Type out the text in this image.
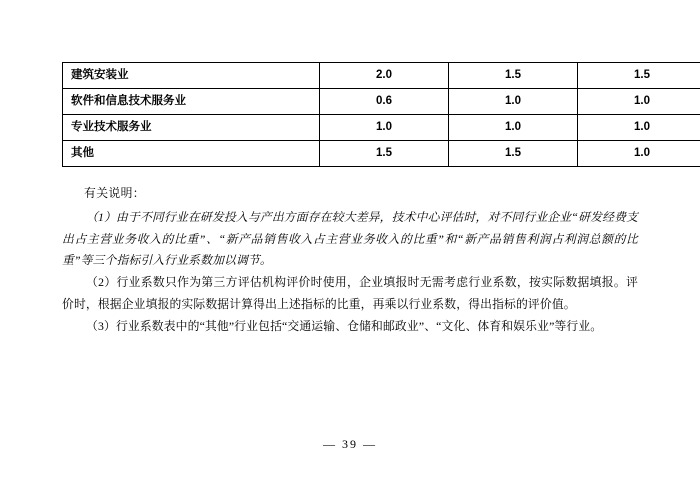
建筑安装业	2.0	1.5	1.5
软件和信息技术服务业	0.6	1.0	1.0
专业技术服务业	1.0	1.0	1.0
其他	1.5	1.5	1.0

有关说明：

（1）由于不同行业在研发投入与产出方面存在较大差异，技术中心评估时，对不同行业企业“研发经费支出占主营业务收入的比重”、“新产品销售收入占主营业务收入的比重”和“新产品销售利润占利润总额的比重”等三个指标引入行业系数加以调节。

（2）行业系数只作为第三方评估机构评价时使用，企业填报时无需考虑行业系数，按实际数据填报。评价时，根据企业填报的实际数据计算得出上述指标的比重，再乘以行业系数，得出指标的评价值。

（3）行业系数表中的“其他”行业包括“交通运输、仓储和邮政业”、“文化、体育和娱乐业”等行业。

— 39 —
